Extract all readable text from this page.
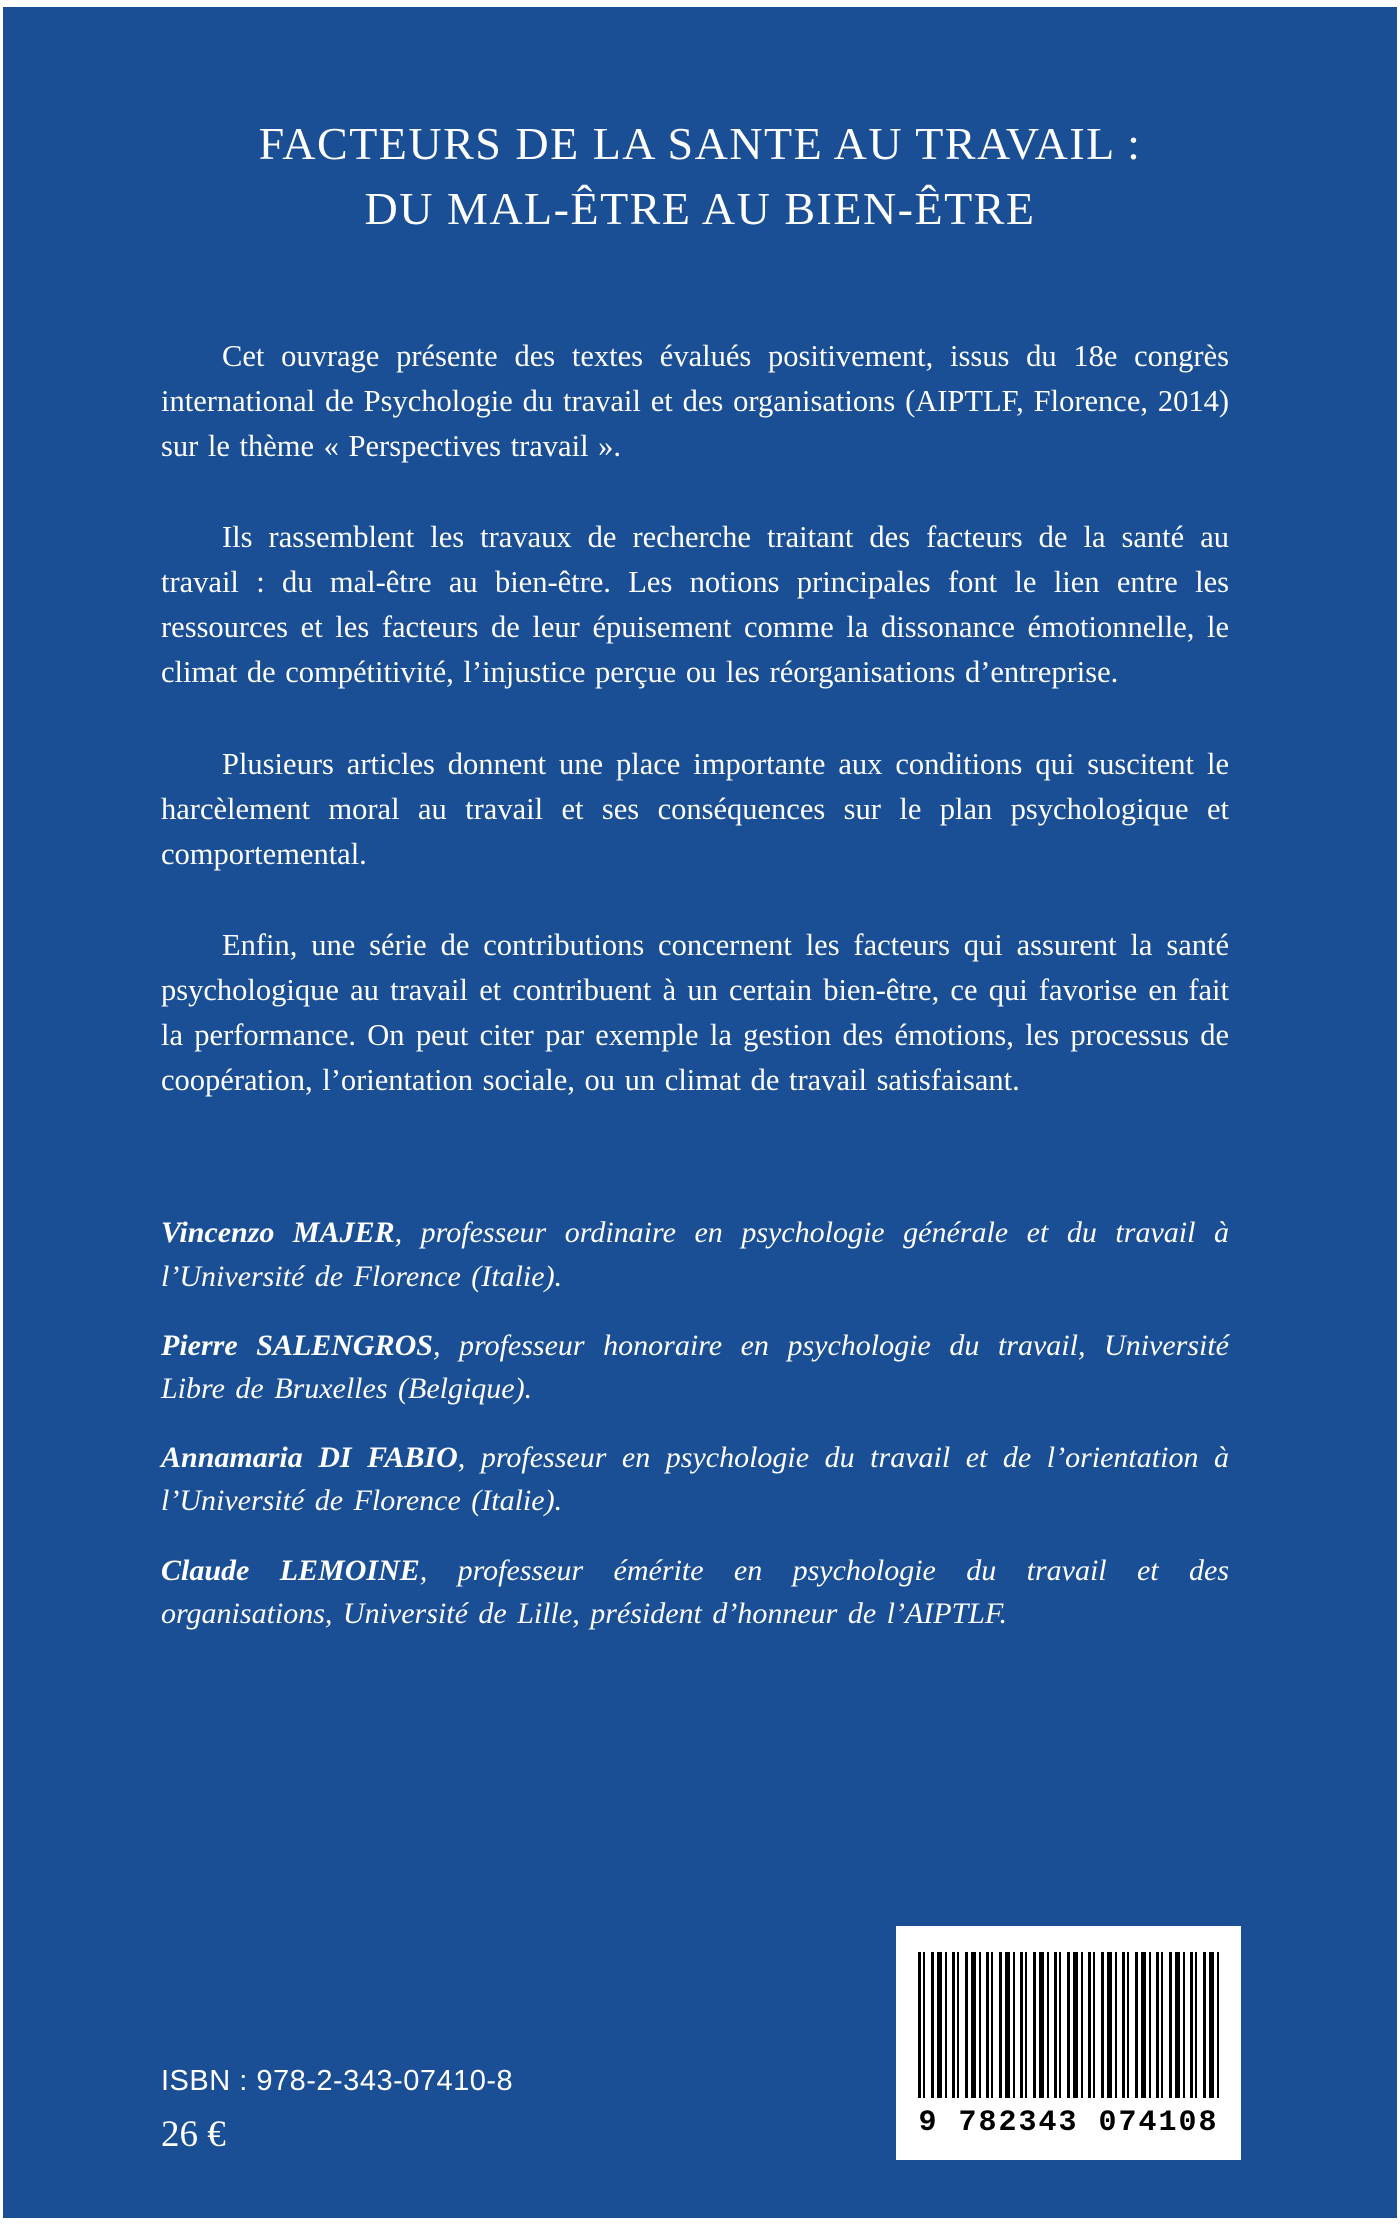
FACTEURS DE LA SANTE AU TRAVAIL :
DU MAL-ÊTRE AU BIEN-ÊTRE

Cet ouvrage présente des textes évalués positivement, issus du 18e congrès international de Psychologie du travail et des organisations (AIPTLF, Florence, 2014) sur le thème « Perspectives travail ».

Ils rassemblent les travaux de recherche traitant des facteurs de la santé au travail : du mal-être au bien-être. Les notions principales font le lien entre les ressources et les facteurs de leur épuisement comme la dissonance émotionnelle, le climat de compétitivité, l’injustice perçue ou les réorganisations d’entreprise.

Plusieurs articles donnent une place importante aux conditions qui suscitent le harcèlement moral au travail et ses conséquences sur le plan psychologique et comportemental.

Enfin, une série de contributions concernent les facteurs qui assurent la santé psychologique au travail et contribuent à un certain bien-être, ce qui favorise en fait la performance. On peut citer par exemple la gestion des émotions, les processus de coopération, l’orientation sociale, ou un climat de travail satisfaisant.

Vincenzo MAJER, professeur ordinaire en psychologie générale et du travail à l’Université de Florence (Italie).

Pierre SALENGROS, professeur honoraire en psychologie du travail, Université Libre de Bruxelles (Belgique).

Annamaria DI FABIO, professeur en psychologie du travail et de l’orientation à l’Université de Florence (Italie).

Claude LEMOINE, professeur émérite en psychologie du travail et des organisations, Université de Lille, président d’honneur de l’AIPTLF.

ISBN : 978-2-343-07410-8
26 €	9 782343 074108
